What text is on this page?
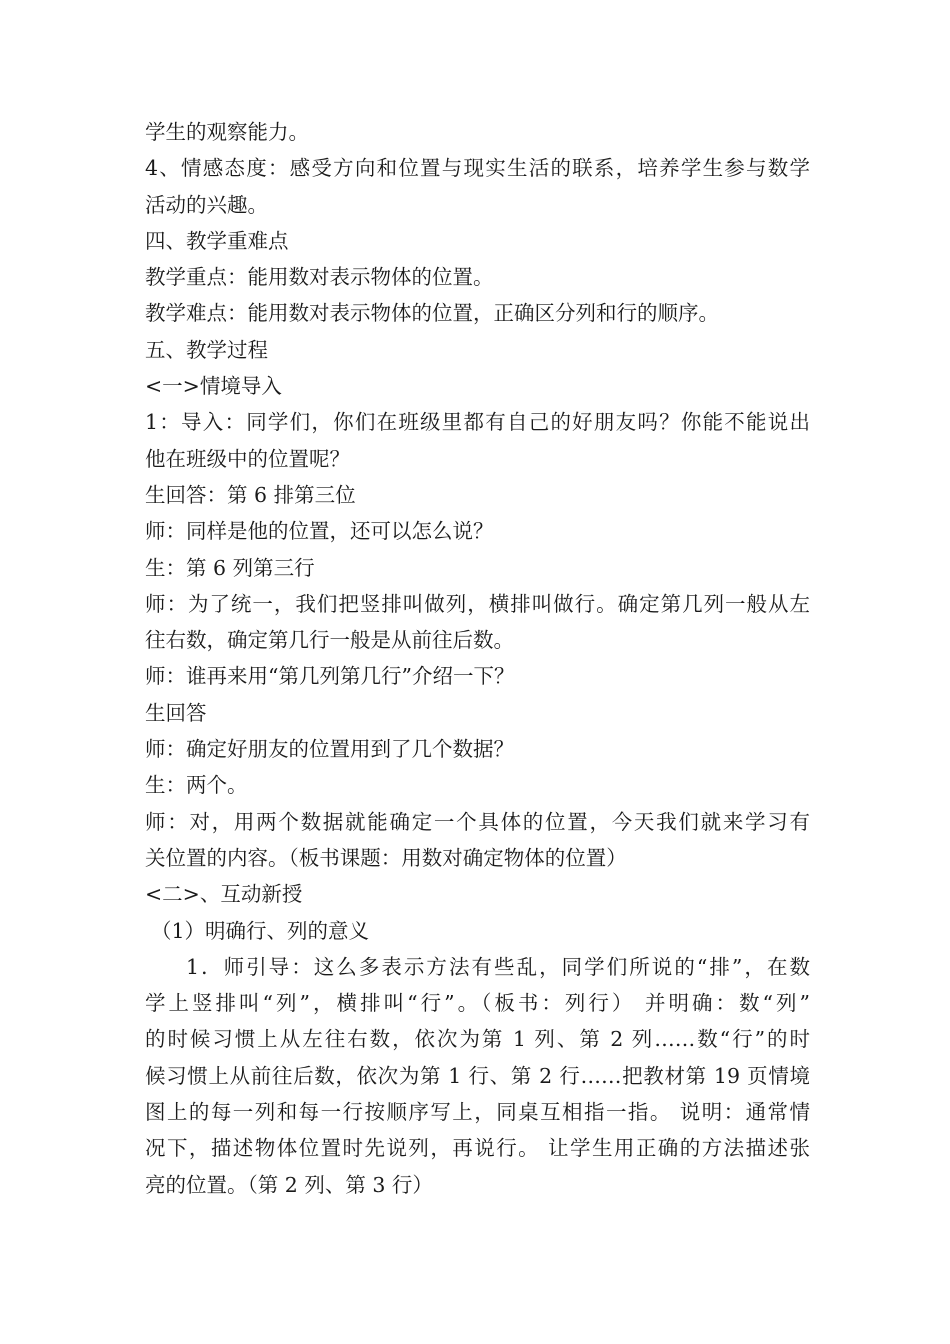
学生的观察能力。
4、情感态度：感受方向和位置与现实生活的联系，培养学生参与数学
活动的兴趣。
四、教学重难点
教学重点：能用数对表示物体的位置。
教学难点：能用数对表示物体的位置，正确区分列和行的顺序。
五、教学过程
<一>情境导入
1：导入：同学们，你们在班级里都有自己的好朋友吗？你能不能说出
他在班级中的位置呢？
生回答：第 6 排第三位
师：同样是他的位置，还可以怎么说？
生：第 6 列第三行
师：为了统一，我们把竖排叫做列，横排叫做行。确定第几列一般从左
往右数，确定第几行一般是从前往后数。
师：谁再来用“第几列第几行”介绍一下？
生回答
师：确定好朋友的位置用到了几个数据？
生：两个。
师：对，用两个数据就能确定一个具体的位置，今天我们就来学习有
关位置的内容。（板书课题：用数对确定物体的位置）
<二>、互动新授
（1）明确行、列的意义
1．师引导：这么多表示方法有些乱，同学们所说的“排”，在数
学上竖排叫“列”，横排叫“行”。（板书：列行） 并明确：数“列”
的时候习惯上从左往右数，依次为第 1 列、第 2 列……数“行”的时
候习惯上从前往后数，依次为第 1 行、第 2 行……把教材第 19 页情境
图上的每一列和每一行按顺序写上，同桌互相指一指。 说明：通常情
况下，描述物体位置时先说列，再说行。 让学生用正确的方法描述张
亮的位置。（第 2 列、第 3 行）
